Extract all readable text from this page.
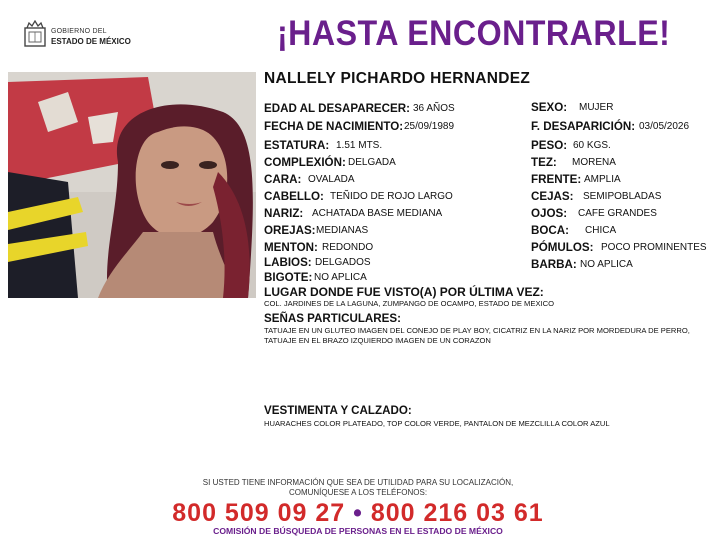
GOBIERNO DEL
ESTADO DE MÉXICO	¡HASTA ENCONTRARLE!
NALLELY PICHARDO HERNANDEZ
EDAD AL DESAPARECER: 36 AÑOS
FECHA DE NACIMIENTO: 25/09/1989
ESTATURA: 1.51 MTS.
COMPLEXIÓN: DELGADA
CARA: OVALADA
CABELLO: TEÑIDO DE ROJO LARGO
NARIZ: ACHATADA BASE MEDIANA
OREJAS: MEDIANAS
MENTON: REDONDO
LABIOS: DELGADOS
BIGOTE: NO APLICA
SEXO: MUJER
F. DESAPARICIÓN: 03/05/2026
PESO: 60 KGS.
TEZ: MORENA
FRENTE: AMPLIA
CEJAS: SEMIPOBLADAS
OJOS: CAFE GRANDES
BOCA: CHICA
PÓMULOS: POCO PROMINENTES
BARBA: NO APLICA
LUGAR DONDE FUE VISTO(A) POR ÚLTIMA VEZ:
COL. JARDINES DE LA LAGUNA, ZUMPANGO DE OCAMPO, ESTADO DE MEXICO
SEÑAS PARTICULARES:
TATUAJE EN UN GLUTEO IMAGEN DEL CONEJO DE PLAY BOY, CICATRIZ EN LA NARIZ POR MORDEDURA DE PERRO,
TATUAJE EN EL BRAZO IZQUIERDO IMAGEN DE UN CORAZON
VESTIMENTA Y CALZADO:
HUARACHES COLOR PLATEADO, TOP COLOR VERDE, PANTALON DE MEZCLILLA COLOR AZUL
SI USTED TIENE INFORMACIÓN QUE SEA DE UTILIDAD PARA SU LOCALIZACIÓN,
COMUNÍQUESE A LOS TELÉFONOS:
800 509 09 27 • 800 216 03 61
COMISIÓN DE BÚSQUEDA DE PERSONAS EN EL ESTADO DE MÉXICO
